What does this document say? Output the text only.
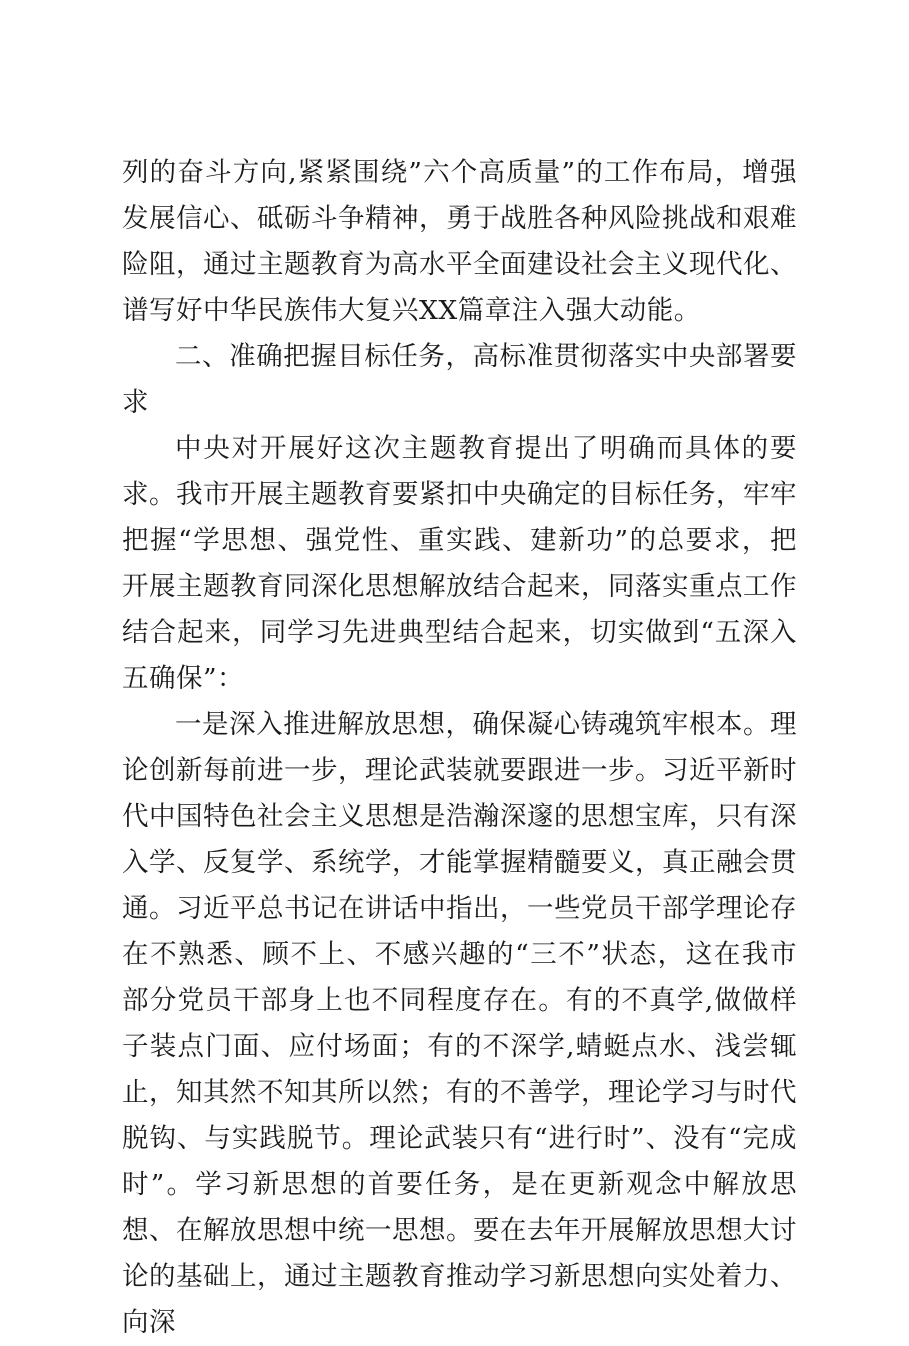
列的奋斗方向,紧紧围绕”六个高质量”的工作布局，增强发展信心、砥砺斗争精神，勇于战胜各种风险挑战和艰难险阻，通过主题教育为高水平全面建设社会主义现代化、谱写好中华民族伟大复兴XX篇章注入强大动能。

二、准确把握目标任务，高标准贯彻落实中央部署要求

中央对开展好这次主题教育提出了明确而具体的要求。我市开展主题教育要紧扣中央确定的目标任务，牢牢把握“学思想、强党性、重实践、建新功”的总要求，把开展主题教育同深化思想解放结合起来，同落实重点工作结合起来，同学习先进典型结合起来，切实做到“五深入五确保”：

一是深入推进解放思想，确保凝心铸魂筑牢根本。理论创新每前进一步，理论武装就要跟进一步。习近平新时代中国特色社会主义思想是浩瀚深邃的思想宝库，只有深入学、反复学、系统学，才能掌握精髓要义，真正融会贯通。习近平总书记在讲话中指出，一些党员干部学理论存在不熟悉、顾不上、不感兴趣的“三不”状态，这在我市部分党员干部身上也不同程度存在。有的不真学,做做样子装点门面、应付场面；有的不深学,蜻蜓点水、浅尝辄止，知其然不知其所以然；有的不善学，理论学习与时代脱钩、与实践脱节。理论武装只有“进行时”、没有“完成时”。学习新思想的首要任务，是在更新观念中解放思想、在解放思想中统一思想。要在去年开展解放思想大讨论的基础上，通过主题教育推动学习新思想向实处着力、向深
